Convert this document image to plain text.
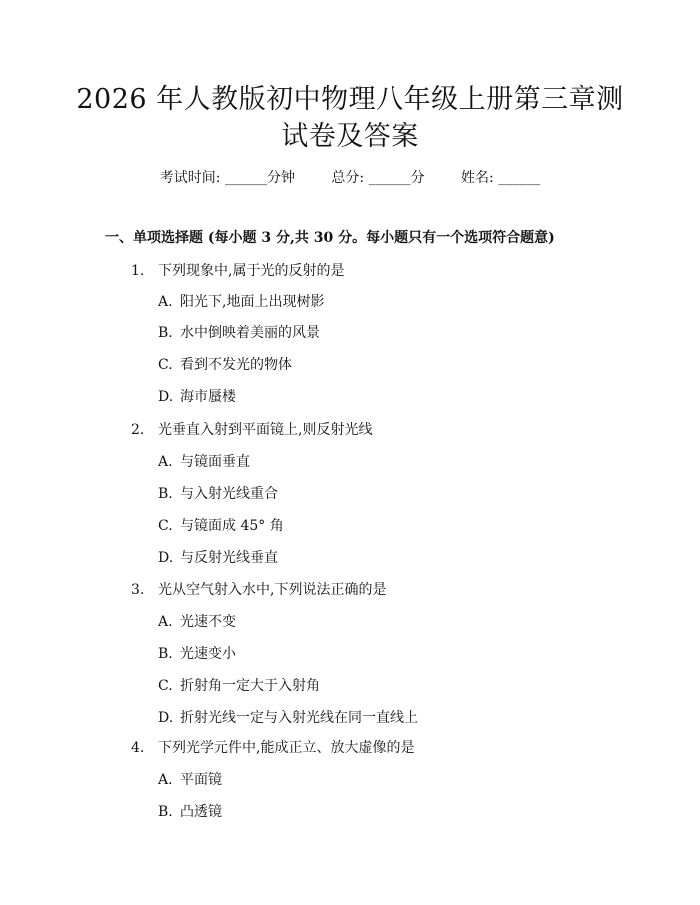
2026 年人教版初中物理八年级上册第三章测
试卷及答案
考试时间: ______分钟	总分: ______分	姓名: ______
一、单项选择题 (每小题 3 分,共 30 分。每小题只有一个选项符合题意)
1. 下列现象中,属于光的反射的是
A. 阳光下,地面上出现树影
B. 水中倒映着美丽的风景
C. 看到不发光的物体
D. 海市蜃楼
2. 光垂直入射到平面镜上,则反射光线
A. 与镜面垂直
B. 与入射光线重合
C. 与镜面成 45° 角
D. 与反射光线垂直
3. 光从空气射入水中,下列说法正确的是
A. 光速不变
B. 光速变小
C. 折射角一定大于入射角
D. 折射光线一定与入射光线在同一直线上
4. 下列光学元件中,能成正立、放大虚像的是
A. 平面镜
B. 凸透镜
